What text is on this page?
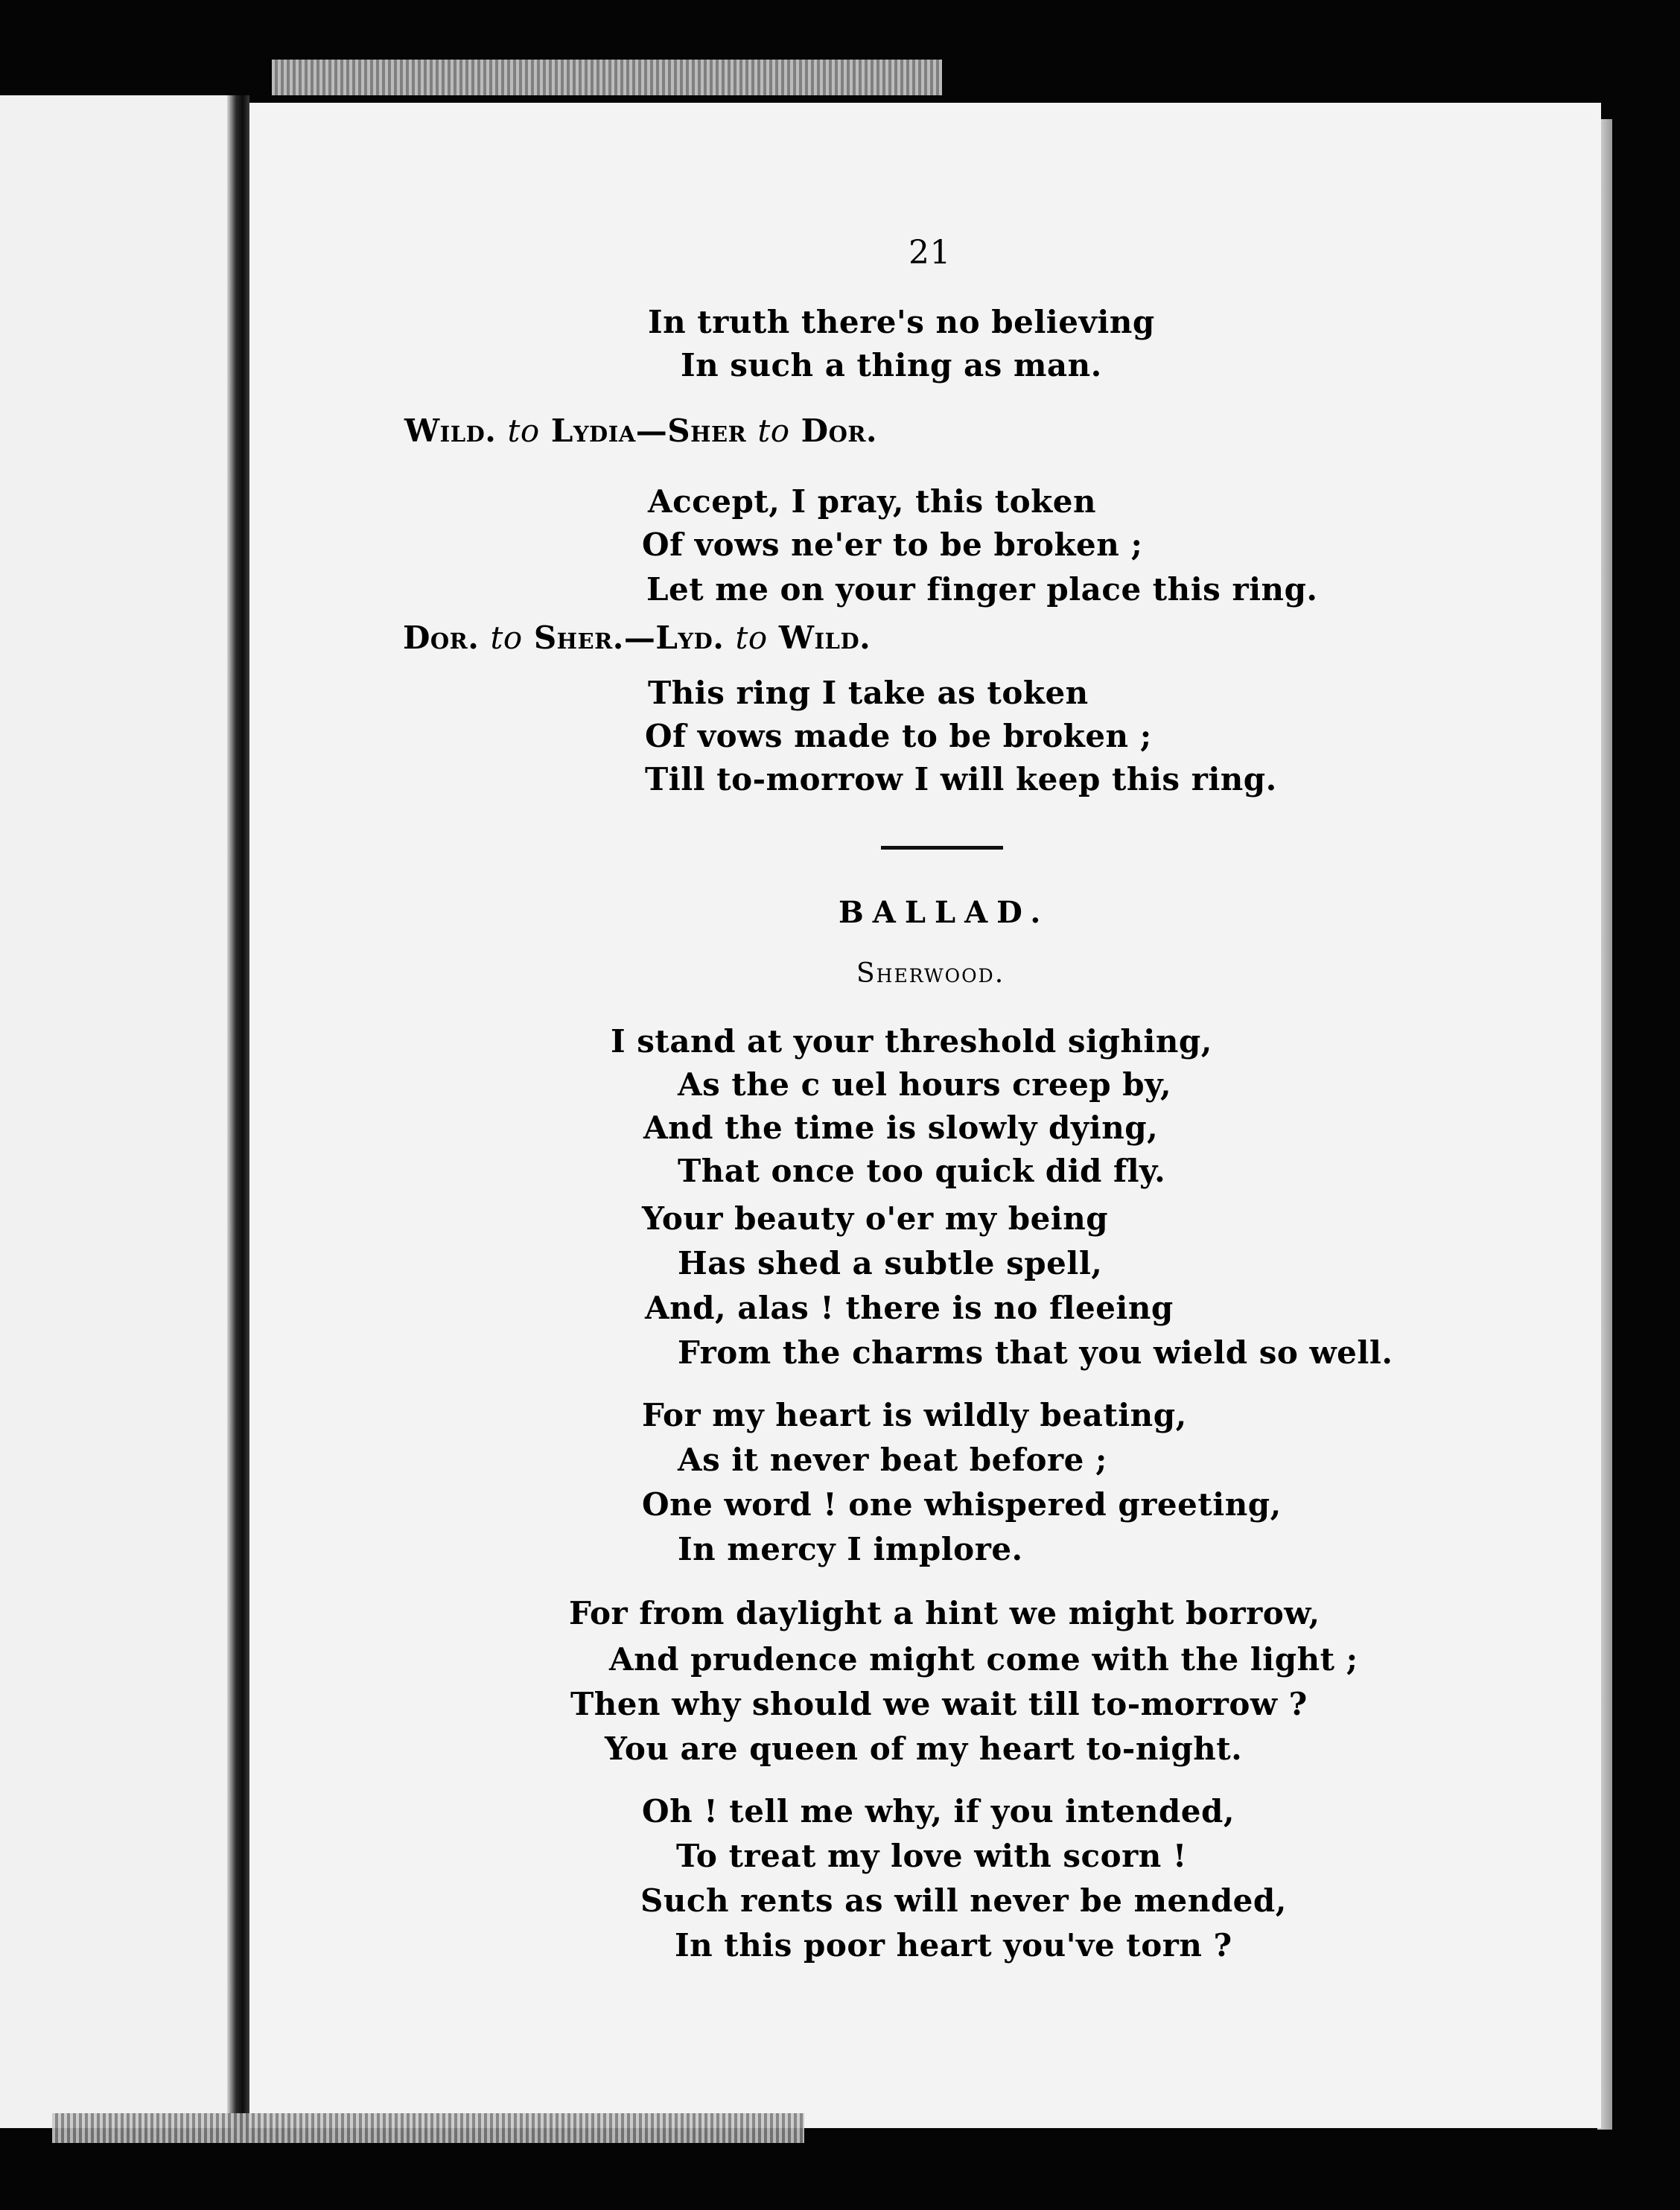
21
In truth there's no believing
In such a thing as man.
Wild. to Lydia—Sher to Dor.
Accept, I pray, this token
Of vows ne'er to be broken ;
Let me on your finger place this ring.
Dor. to Sher.—Lyd. to Wild.
This ring I take as token
Of vows made to be broken ;
Till to-morrow I will keep this ring.
BALLAD.
Sherwood.
I stand at your threshold sighing,
As the c uel hours creep by,
And the time is slowly dying,
That once too quick did fly.
Your beauty o'er my being
Has shed a subtle spell,
And, alas ! there is no fleeing
From the charms that you wield so well.
For my heart is wildly beating,
As it never beat before ;
One word ! one whispered greeting,
In mercy I implore.
For from daylight a hint we might borrow,
And prudence might come with the light ;
Then why should we wait till to-morrow ?
You are queen of my heart to-night.
Oh ! tell me why, if you intended,
To treat my love with scorn !
Such rents as will never be mended,
In this poor heart you've torn ?
